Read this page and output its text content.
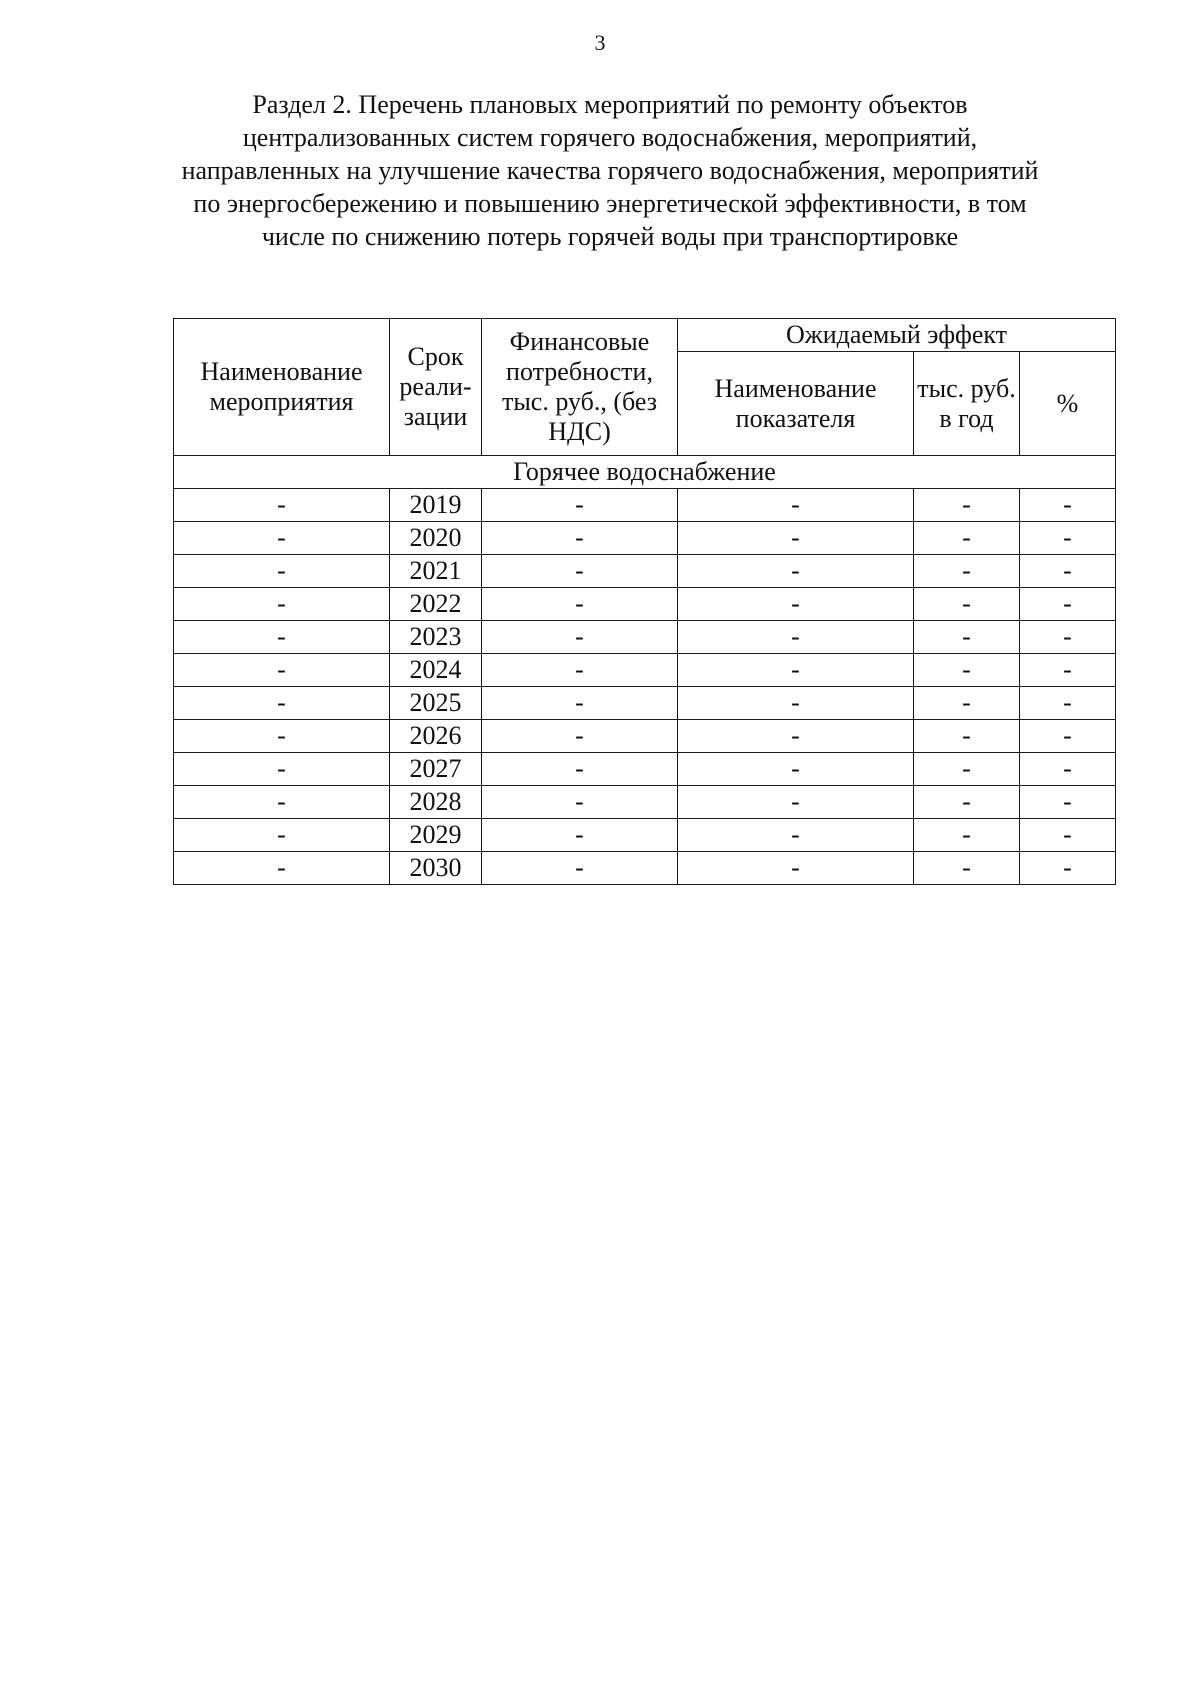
3
Раздел 2. Перечень плановых мероприятий по ремонту объектов
централизованных систем горячего водоснабжения, мероприятий,
направленных на улучшение качества горячего водоснабжения, мероприятий
по энергосбережению и повышению энергетической эффективности, в том
числе по снижению потерь горячей воды при транспортировке
Наименование мероприятия	Срок реали-зации	Финансовые потребности, тыс. руб., (без НДС)	Ожидаемый эффект		
			Наименование показателя	тыс. руб. в год	%
Горячее водоснабжение					
-	2019	-	-	-	-
-	2020	-	-	-	-
-	2021	-	-	-	-
-	2022	-	-	-	-
-	2023	-	-	-	-
-	2024	-	-	-	-
-	2025	-	-	-	-
-	2026	-	-	-	-
-	2027	-	-	-	-
-	2028	-	-	-	-
-	2029	-	-	-	-
-	2030	-	-	-	-
